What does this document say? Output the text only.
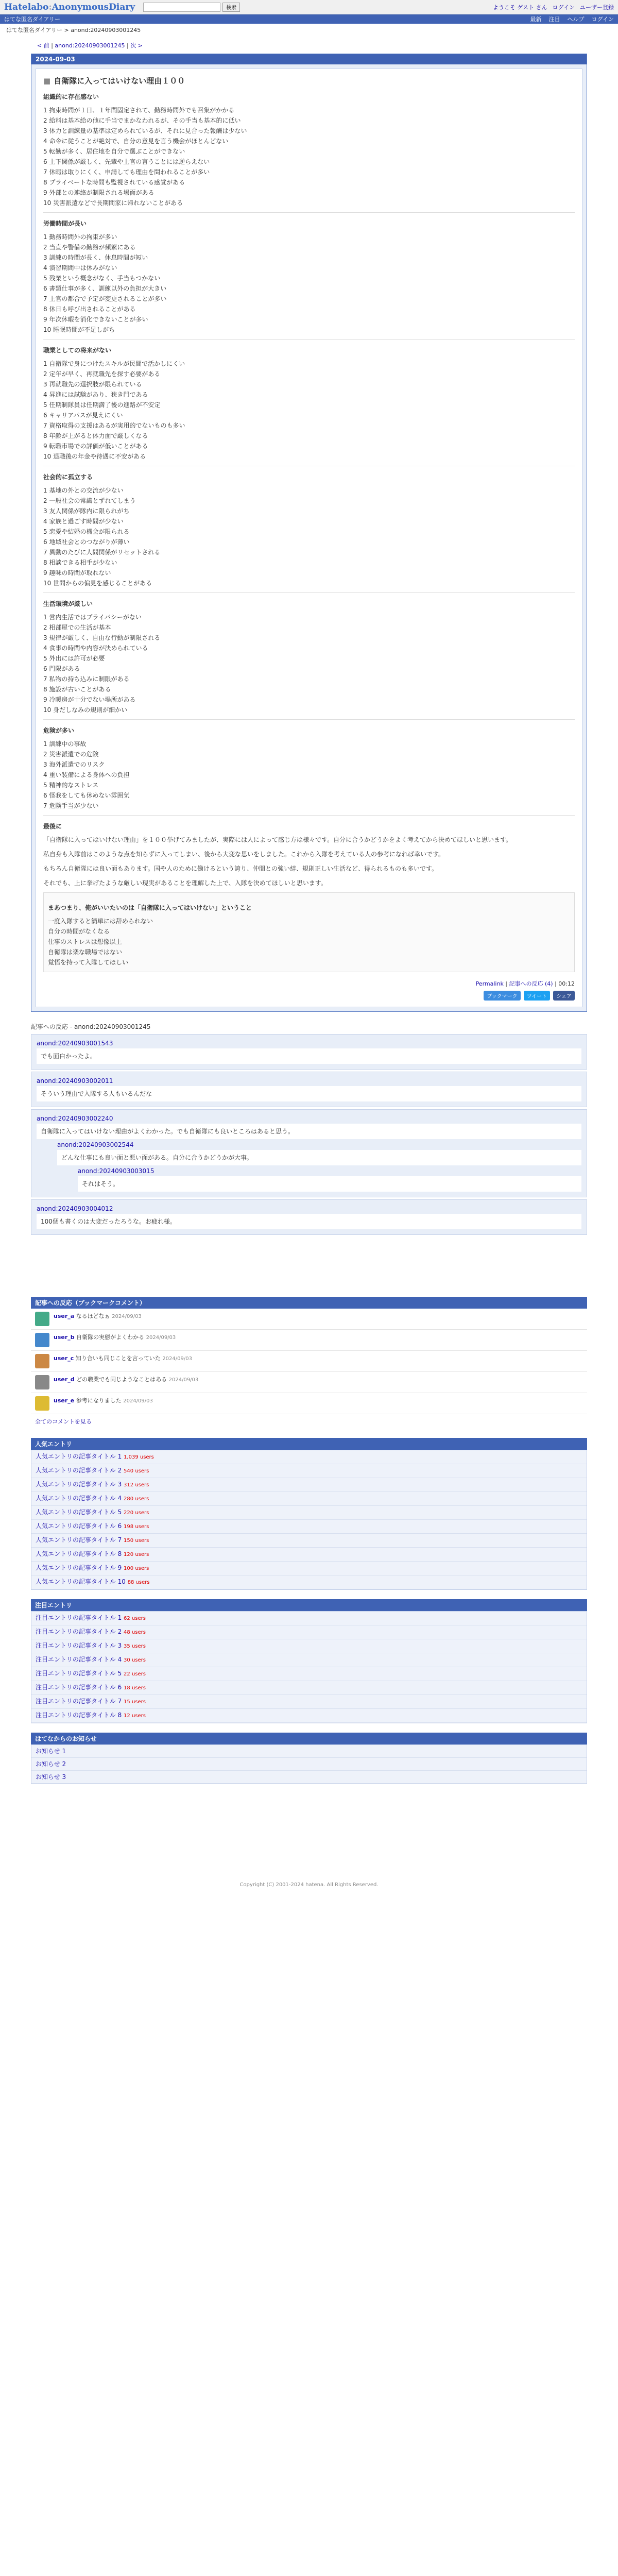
Hatelabo:AnonymousDiary	検索	ようこそ ゲスト さん ログイン ユーザー登録
はてな匿名ダイアリー	最新 注目 ヘルプ ログイン
はてな匿名ダイアリー > anond:20240903001245
< 前 | anond:20240903001245 | 次 >
2024-09-03
■ 自衛隊に入ってはいけない理由１００
組織的に存在感ない
1 拘束時間が１日、１年間固定されて、勤務時間外でも召集がかかる
2 給料は基本給の他に手当でまかなわれるが、その手当も基本的に低い
3 体力と訓練量の基準は定められているが、それに見合った報酬は少ない
4 命令に従うことが絶対で、自分の意見を言う機会がほとんどない
5 転勤が多く、居住地を自分で選ぶことができない
6 上下関係が厳しく、先輩や上官の言うことには逆らえない
7 休暇は取りにくく、申請しても理由を問われることが多い
8 プライベートな時間も監視されている感覚がある
9 外部との連絡が制限される場面がある
10 災害派遣などで長期間家に帰れないことがある
労働時間が長い
1 勤務時間外の拘束が多い
2 当直や警備の勤務が頻繁にある
3 訓練の時間が長く、休息時間が短い
4 演習期間中は休みがない
5 残業という概念がなく、手当もつかない
6 書類仕事が多く、訓練以外の負担が大きい
7 上官の都合で予定が変更されることが多い
8 休日も呼び出されることがある
9 年次休暇を消化できないことが多い
10 睡眠時間が不足しがち
職業としての将来がない
1 自衛隊で身につけたスキルが民間で活かしにくい
2 定年が早く、再就職先を探す必要がある
3 再就職先の選択肢が限られている
4 昇進には試験があり、狭き門である
5 任期制隊員は任期満了後の進路が不安定
6 キャリアパスが見えにくい
7 資格取得の支援はあるが実用的でないものも多い
8 年齢が上がると体力面で厳しくなる
9 転職市場での評価が低いことがある
10 退職後の年金や待遇に不安がある
社会的に孤立する
1 基地の外との交流が少ない
2 一般社会の常識とずれてしまう
3 友人関係が隊内に限られがち
4 家族と過ごす時間が少ない
5 恋愛や結婚の機会が限られる
6 地域社会とのつながりが薄い
7 異動のたびに人間関係がリセットされる
8 相談できる相手が少ない
9 趣味の時間が取れない
10 世間からの偏見を感じることがある
生活環境が厳しい
1 営内生活ではプライバシーがない
2 相部屋での生活が基本
3 規律が厳しく、自由な行動が制限される
4 食事の時間や内容が決められている
5 外出には許可が必要
6 門限がある
7 私物の持ち込みに制限がある
8 施設が古いことがある
9 冷暖房が十分でない場所がある
10 身だしなみの規則が細かい
危険が多い
1 訓練中の事故
2 災害派遣での危険
3 海外派遣でのリスク
4 重い装備による身体への負担
5 精神的なストレス
6 怪我をしても休めない雰囲気
7 危険手当が少ない
最後に
「自衛隊に入ってはいけない理由」を１００挙げてみましたが、実際には人によって感じ方は様々です。自分に合うかどうかをよく考えてから決めてほしいと思います。
私自身も入隊前はこのような点を知らずに入ってしまい、後から大変な思いをしました。これから入隊を考えている人の参考になれば幸いです。
もちろん自衛隊には良い面もあります。国や人のために働けるという誇り、仲間との強い絆、規則正しい生活など、得られるものも多いです。
それでも、上に挙げたような厳しい現実があることを理解した上で、入隊を決めてほしいと思います。
まあつまり、俺がいいたいのは「自衛隊に入ってはいけない」ということ
一度入隊すると簡単には辞められない
自分の時間がなくなる
仕事のストレスは想像以上
自衛隊は楽な職場ではない
覚悟を持って入隊してほしい
Permalink | 記事への反応 (4) | 00:12
ブックマーク	ツイート	シェア
記事への反応 - anond:20240903001245
anond:20240903001543
でも面白かったよ。
anond:20240903002011
そういう理由で入隊する人もいるんだな
anond:20240903002240
自衛隊に入ってはいけない理由がよくわかった。でも自衛隊にも良いところはあると思う。
anond:20240903002544
どんな仕事にも良い面と悪い面がある。自分に合うかどうかが大事。
anond:20240903003015
それはそう。
anond:20240903004012
100個も書くのは大変だったろうな。お疲れ様。
記事への反応（ブックマークコメント）
user_a なるほどなぁ 2024/09/03
user_b 自衛隊の実態がよくわかる 2024/09/03
user_c 知り合いも同じことを言っていた 2024/09/03
user_d どの職業でも同じようなことはある 2024/09/03
user_e 参考になりました 2024/09/03
全てのコメントを見る
人気エントリ
人気エントリの記事タイトル 1 1,039 users
人気エントリの記事タイトル 2 540 users
人気エントリの記事タイトル 3 312 users
人気エントリの記事タイトル 4 280 users
人気エントリの記事タイトル 5 220 users
人気エントリの記事タイトル 6 198 users
人気エントリの記事タイトル 7 150 users
人気エントリの記事タイトル 8 120 users
人気エントリの記事タイトル 9 100 users
人気エントリの記事タイトル 10 88 users
注目エントリ
注目エントリの記事タイトル 1 62 users
注目エントリの記事タイトル 2 48 users
注目エントリの記事タイトル 3 35 users
注目エントリの記事タイトル 4 30 users
注目エントリの記事タイトル 5 22 users
注目エントリの記事タイトル 6 18 users
注目エントリの記事タイトル 7 15 users
注目エントリの記事タイトル 8 12 users
はてなからのお知らせ
お知らせ 1
お知らせ 2
お知らせ 3
Copyright (C) 2001-2024 hatena. All Rights Reserved.
